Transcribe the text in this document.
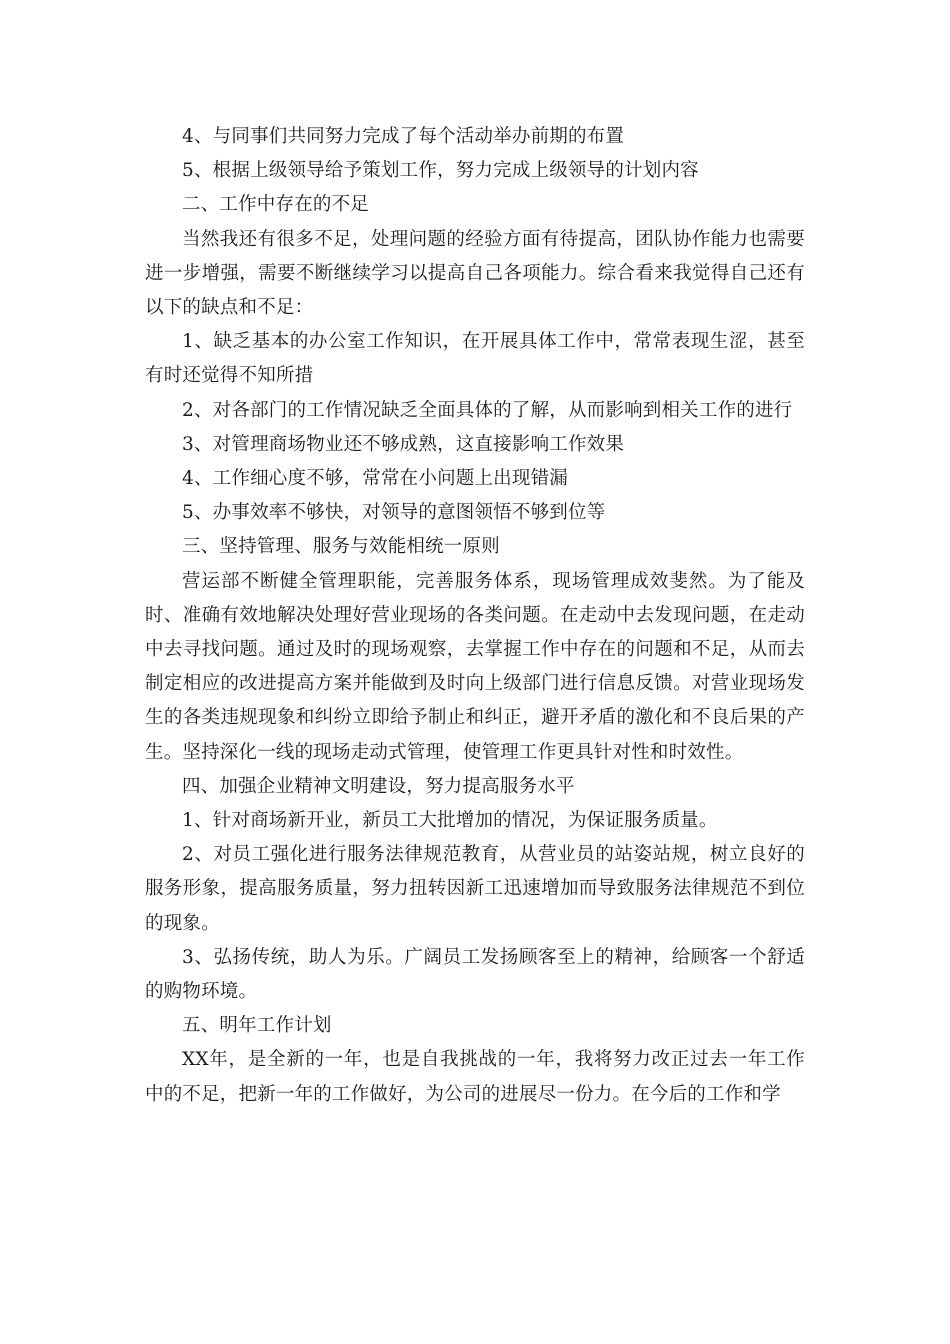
4、与同事们共同努力完成了每个活动举办前期的布置

5、根据上级领导给予策划工作，努力完成上级领导的计划内容

二、工作中存在的不足

当然我还有很多不足，处理问题的经验方面有待提高，团队协作能力也需要进一步增强，需要不断继续学习以提高自己各项能力。综合看来我觉得自己还有以下的缺点和不足：

1、缺乏基本的办公室工作知识，在开展具体工作中，常常表现生涩，甚至有时还觉得不知所措

2、对各部门的工作情况缺乏全面具体的了解，从而影响到相关工作的进行

3、对管理商场物业还不够成熟，这直接影响工作效果

4、工作细心度不够，常常在小问题上出现错漏

5、办事效率不够快，对领导的意图领悟不够到位等

三、坚持管理、服务与效能相统一原则

营运部不断健全管理职能，完善服务体系，现场管理成效斐然。为了能及时、准确有效地解决处理好营业现场的各类问题。在走动中去发现问题，在走动中去寻找问题。通过及时的现场观察，去掌握工作中存在的问题和不足，从而去制定相应的改进提高方案并能做到及时向上级部门进行信息反馈。对营业现场发生的各类违规现象和纠纷立即给予制止和纠正，避开矛盾的激化和不良后果的产生。坚持深化一线的现场走动式管理，使管理工作更具针对性和时效性。

四、加强企业精神文明建设，努力提高服务水平

1、针对商场新开业，新员工大批增加的情况，为保证服务质量。

2、对员工强化进行服务法律规范教育，从营业员的站姿站规，树立良好的服务形象，提高服务质量，努力扭转因新工迅速增加而导致服务法律规范不到位的现象。

3、弘扬传统，助人为乐。广阔员工发扬顾客至上的精神，给顾客一个舒适的购物环境。

五、明年工作计划

XX年，是全新的一年，也是自我挑战的一年，我将努力改正过去一年工作中的不足，把新一年的工作做好，为公司的进展尽一份力。在今后的工作和学
